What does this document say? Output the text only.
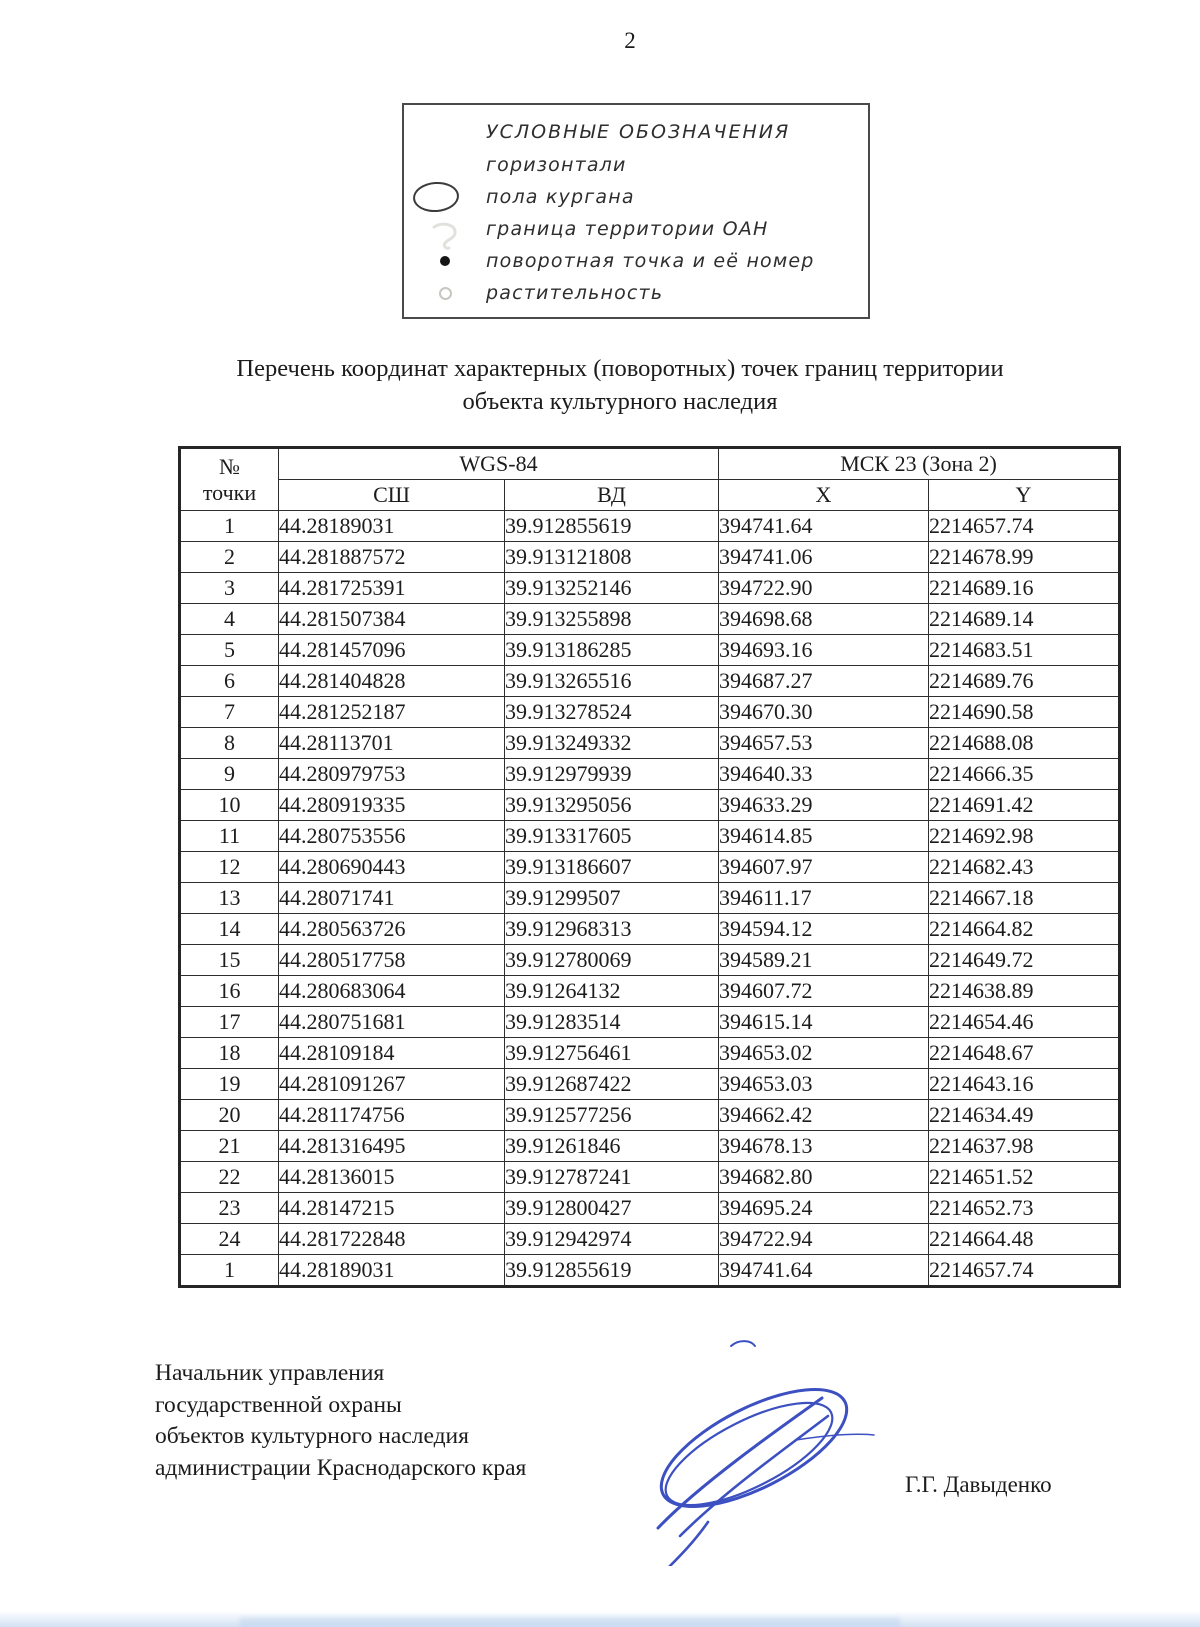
2
УСЛОВНЫЕ ОБОЗНАЧЕНИЯ
горизонтали
пола кургана
граница территории ОАН
поворотная точка и её номер
растительность
Перечень координат характерных (поворотных) точек границ территории
объекта культурного наследия
№
точки	WGS-84		МСК 23 (Зона 2)	
	СШ	ВД	X	Y
1	44.28189031	39.912855619	394741.64	2214657.74
2	44.281887572	39.913121808	394741.06	2214678.99
3	44.281725391	39.913252146	394722.90	2214689.16
4	44.281507384	39.913255898	394698.68	2214689.14
5	44.281457096	39.913186285	394693.16	2214683.51
6	44.281404828	39.913265516	394687.27	2214689.76
7	44.281252187	39.913278524	394670.30	2214690.58
8	44.28113701	39.913249332	394657.53	2214688.08
9	44.280979753	39.912979939	394640.33	2214666.35
10	44.280919335	39.913295056	394633.29	2214691.42
11	44.280753556	39.913317605	394614.85	2214692.98
12	44.280690443	39.913186607	394607.97	2214682.43
13	44.28071741	39.91299507	394611.17	2214667.18
14	44.280563726	39.912968313	394594.12	2214664.82
15	44.280517758	39.912780069	394589.21	2214649.72
16	44.280683064	39.91264132	394607.72	2214638.89
17	44.280751681	39.91283514	394615.14	2214654.46
18	44.28109184	39.912756461	394653.02	2214648.67
19	44.281091267	39.912687422	394653.03	2214643.16
20	44.281174756	39.912577256	394662.42	2214634.49
21	44.281316495	39.91261846	394678.13	2214637.98
22	44.28136015	39.912787241	394682.80	2214651.52
23	44.28147215	39.912800427	394695.24	2214652.73
24	44.281722848	39.912942974	394722.94	2214664.48
1	44.28189031	39.912855619	394741.64	2214657.74
Начальник управления
государственной охраны
объектов культурного наследия
администрации Краснодарского края
Г.Г. Давыденко
